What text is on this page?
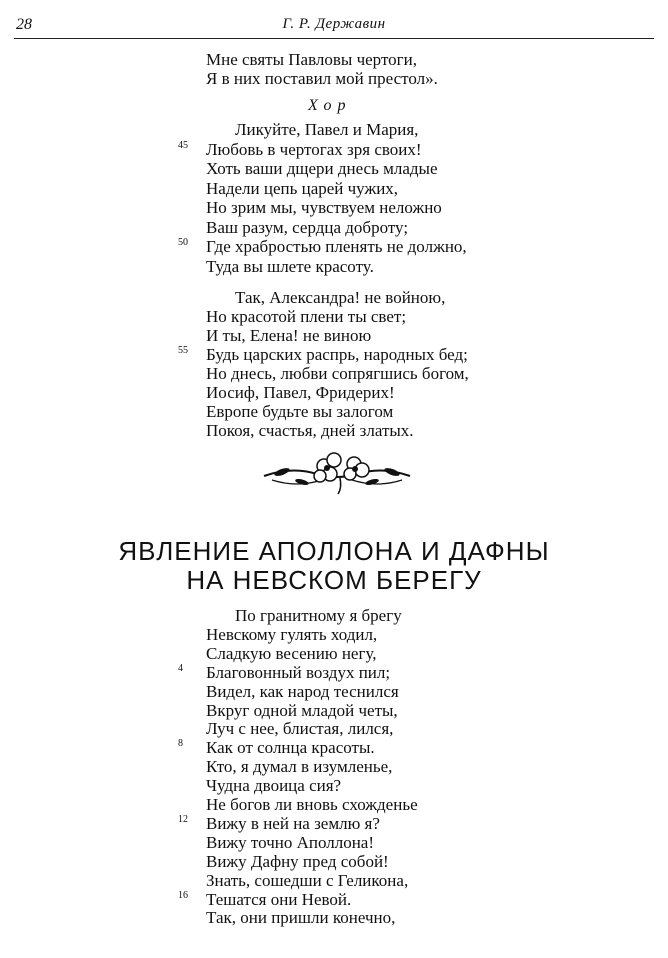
28	Г. Р. Державин
Мне святы Павловы чертоги,
Я в них поставил мой престол».
Хор
Ликуйте, Павел и Мария,
45 Любовь в чертогах зря своих!
Хоть ваши дщери днесь младые
Надели цепь царей чужих,
Но зрим мы, чувствуем неложно
Ваш разум, сердца доброту;
50 Где храбростью пленять не должно,
Туда вы шлете красоту.
Так, Александра! не войною,
Но красотой плени ты свет;
И ты, Елена! не виною
55 Будь царских распрь, народных бед;
Но днесь, любви сопрягшись богом,
Иосиф, Павел, Фридерих!
Европе будьте вы залогом
Покоя, счастья, дней златых.
ЯВЛЕНИЕ АПОЛЛОНА И ДАФНЫ
НА НЕВСКОМ БЕРЕГУ
По гранитному я брегу
Невскому гулять ходил,
Сладкую весению негу,
4 Благовонный воздух пил;
Видел, как народ теснился
Вкруг одной младой четы,
Луч с нее, блистая, лился,
8 Как от солнца красоты.
Кто, я думал в изумленье,
Чудна двоица сия?
Не богов ли вновь схожденье
12 Вижу в ней на землю я?
Вижу точно Аполлона!
Вижу Дафну пред собой!
Знать, сошедши с Геликона,
16 Тешатся они Невой.
Так, они пришли конечно,
